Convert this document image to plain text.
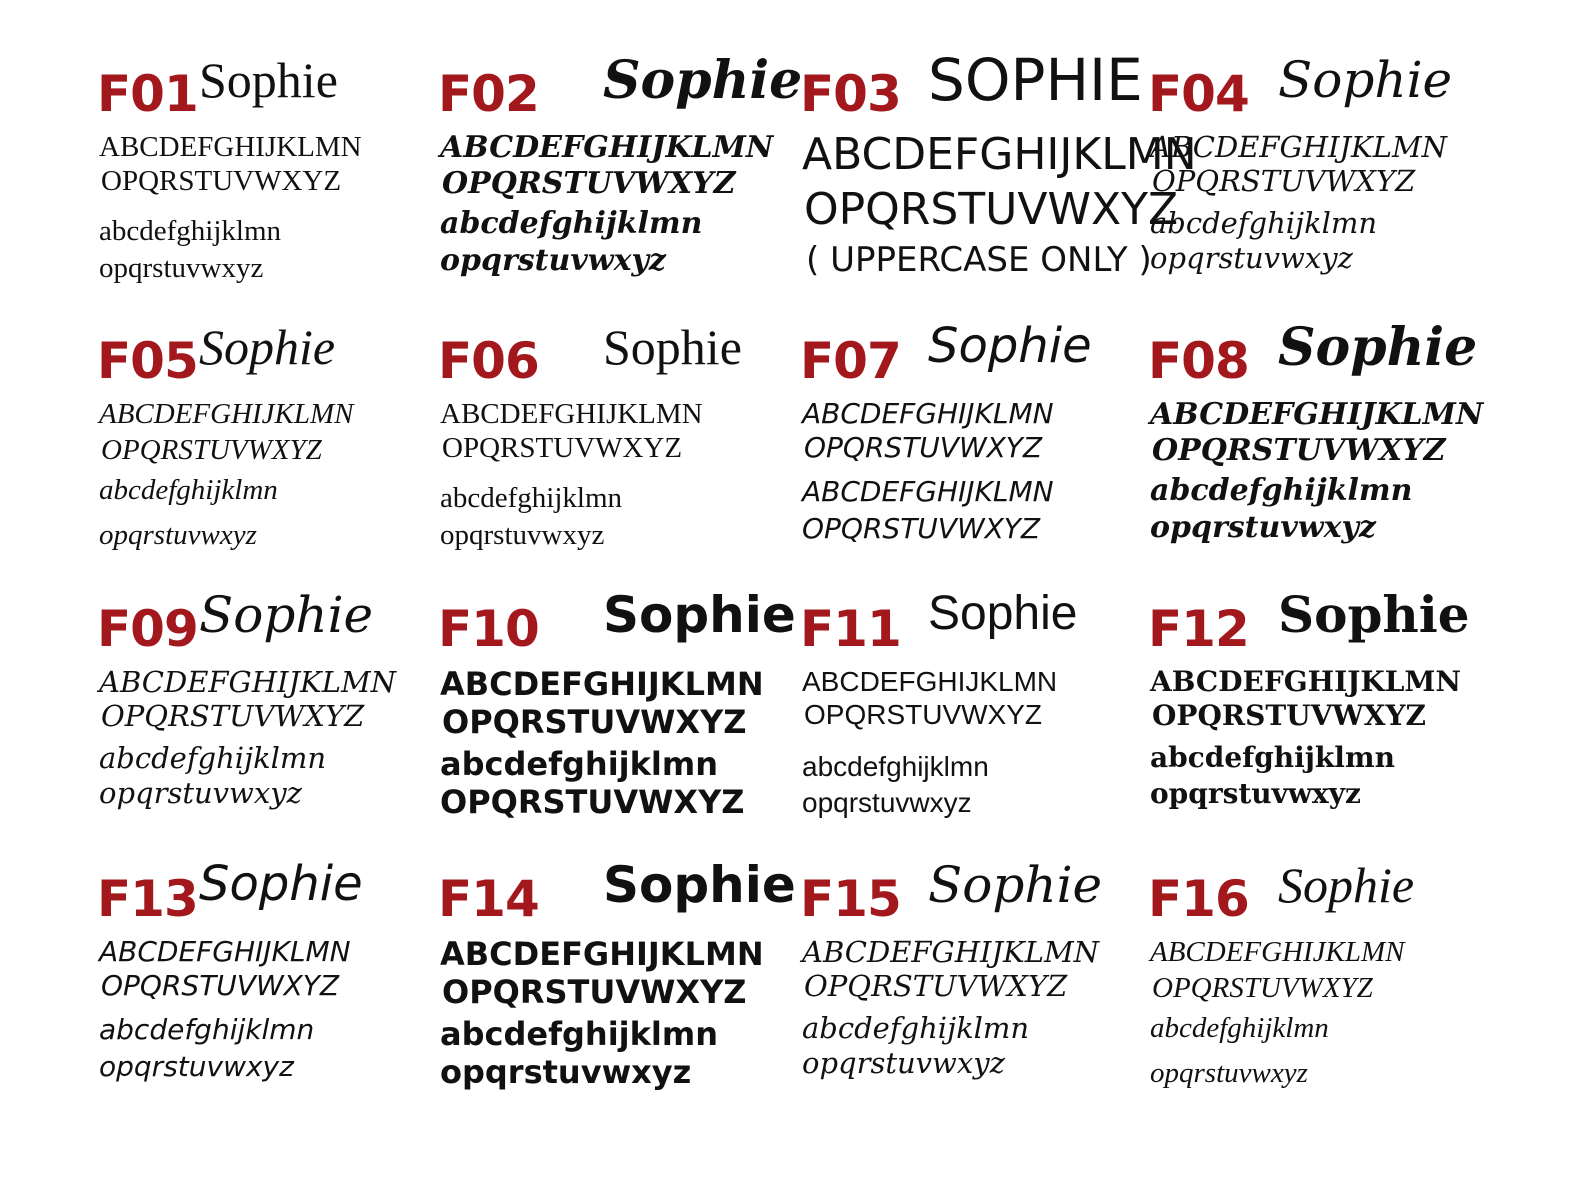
F01 Sophie
ABCDEFGHIJKLMN
OPQRSTUVWXYZ
abcdefghijklmn
opqrstuvwxyz
F02 Sophie
ABCDEFGHIJKLMN
OPQRSTUVWXYZ
abcdefghijklmn
opqrstuvwxyz
F03 SOPHIE
ABCDEFGHIJKLMN
OPQRSTUVWXYZ
( UPPERCASE ONLY )
F04 Sophie
ABCDEFGHIJKLMN
OPQRSTUVWXYZ
abcdefghijklmn
opqrstuvwxyz
F05 Sophie
ABCDEFGHIJKLMN
OPQRSTUVWXYZ
abcdefghijklmn
opqrstuvwxyz
F06 Sophie
ABCDEFGHIJKLMN
OPQRSTUVWXYZ
abcdefghijklmn
opqrstuvwxyz
F07 Sophie
ABCDEFGHIJKLMN
OPQRSTUVWXYZ
ABCDEFGHIJKLMN
OPQRSTUVWXYZ
F08 Sophie
ABCDEFGHIJKLMN
OPQRSTUVWXYZ
abcdefghijklmn
opqrstuvwxyz
F09 Sophie
ABCDEFGHIJKLMN
OPQRSTUVWXYZ
abcdefghijklmn
opqrstuvwxyz
F10 Sophie
ABCDEFGHIJKLMN
OPQRSTUVWXYZ
abcdefghijklmn
OPQRSTUVWXYZ
F11 Sophie
ABCDEFGHIJKLMN
OPQRSTUVWXYZ
abcdefghijklmn
opqrstuvwxyz
F12 Sophie
ABCDEFGHIJKLMN
OPQRSTUVWXYZ
abcdefghijklmn
opqrstuvwxyz
F13 Sophie
ABCDEFGHIJKLMN
OPQRSTUVWXYZ
abcdefghijklmn
opqrstuvwxyz
F14 Sophie
ABCDEFGHIJKLMN
OPQRSTUVWXYZ
abcdefghijklmn
opqrstuvwxyz
F15 Sophie
ABCDEFGHIJKLMN
OPQRSTUVWXYZ
abcdefghijklmn
opqrstuvwxyz
F16 Sophie
ABCDEFGHIJKLMN
OPQRSTUVWXYZ
abcdefghijklmn
opqrstuvwxyz
